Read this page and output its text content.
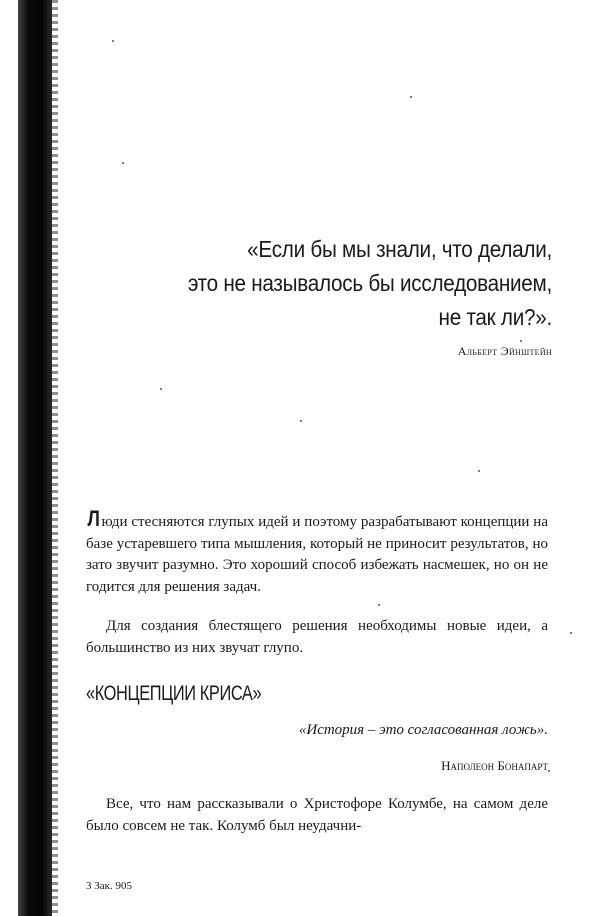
«Если бы мы знали, что делали,
это не называлось бы исследованием,
не так ли?».
Альберт Эйнштейн

Л юди стесняются глупых идей и поэтому разрабатывают концепции на базе устаревшего типа мышления, который не приносит результатов, но зато звучит разумно. Это хороший способ избежать насмешек, но он не годится для решения задач.

Для создания блестящего решения необходимы новые идеи, а большинство из них звучат глупо.

«КОНЦЕПЦИИ КРИСА»

«История – это согласованная ложь».

Наполеон Бонапарт

Все, что нам рассказывали о Христофоре Колумбе, на самом деле было совсем не так. Колумб был неудачни-

3 Зак. 905
